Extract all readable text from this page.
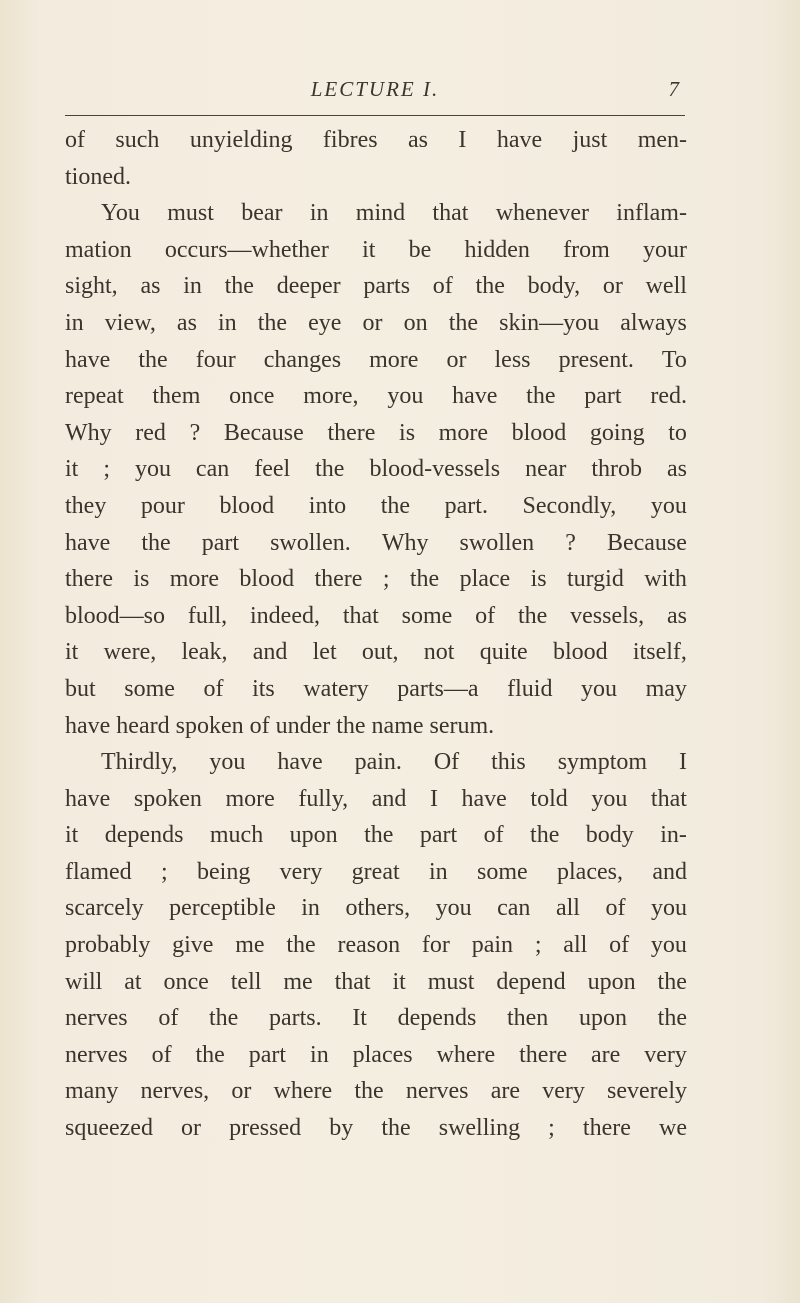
LECTURE I.	7
of such unyielding fibres as I have just men-
tioned.
You must bear in mind that whenever inflam-
mation occurs—whether it be hidden from your
sight, as in the deeper parts of the body, or well
in view, as in the eye or on the skin—you always
have the four changes more or less present. To
repeat them once more, you have the part red.
Why red ? Because there is more blood going to
it ; you can feel the blood-vessels near throb as
they pour blood into the part. Secondly, you
have the part swollen. Why swollen ? Because
there is more blood there ; the place is turgid with
blood—so full, indeed, that some of the vessels, as
it were, leak, and let out, not quite blood itself,
but some of its watery parts—a fluid you may
have heard spoken of under the name serum.
Thirdly, you have pain. Of this symptom I
have spoken more fully, and I have told you that
it depends much upon the part of the body in-
flamed ; being very great in some places, and
scarcely perceptible in others, you can all of you
probably give me the reason for pain ; all of you
will at once tell me that it must depend upon the
nerves of the parts. It depends then upon the
nerves of the part in places where there are very
many nerves, or where the nerves are very severely
squeezed or pressed by the swelling ; there we
